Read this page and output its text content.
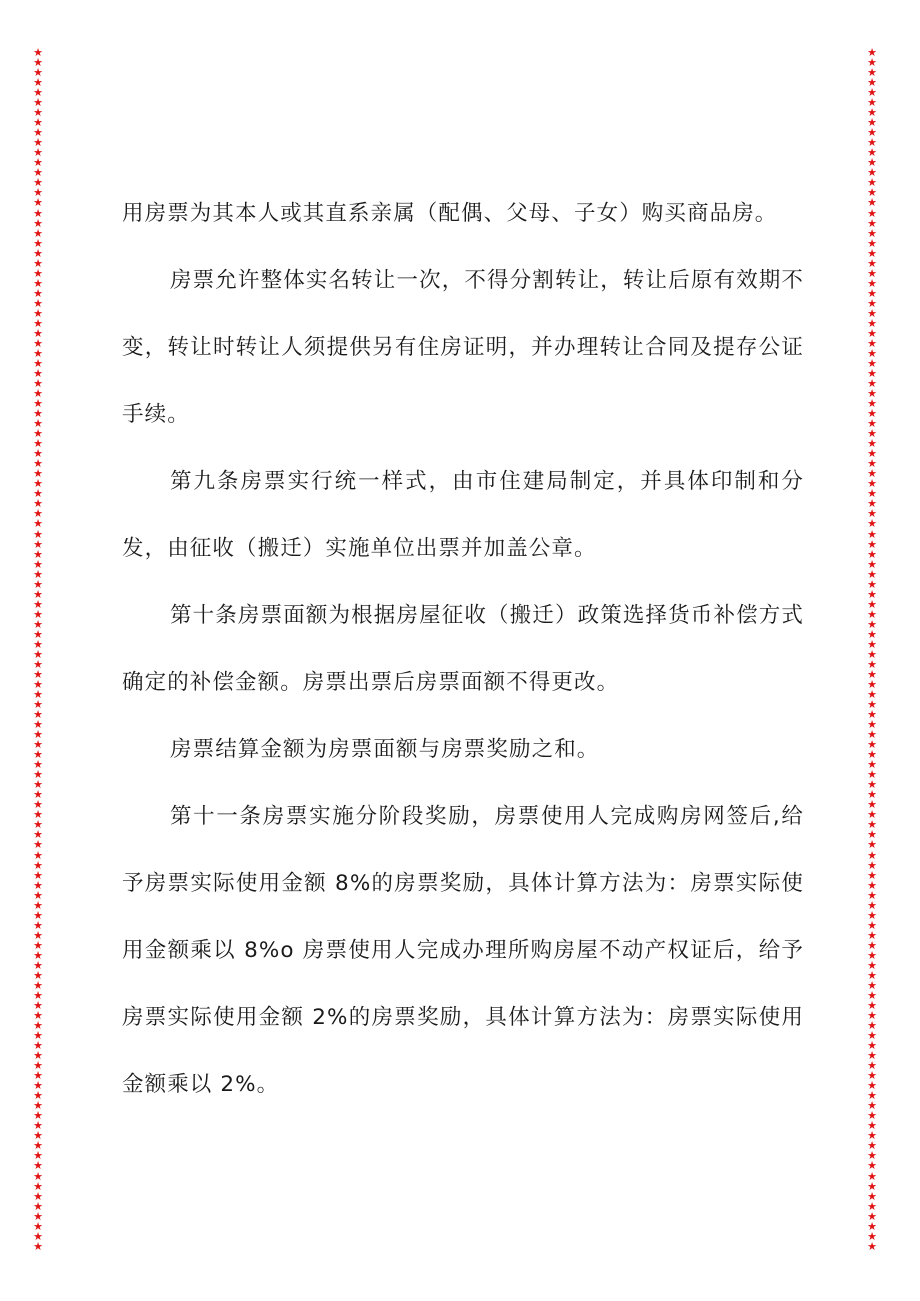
★
★
★
★
★
★
★
★
★
★
★
★
★
★
★
★
★
★
★
★
★
★
★
★
★
★
★
★
★
★
★
★
★
★
★
★
★
★
★
★
★
★
★
★
★
★
★
★
★
★
★
★
★
★
★
★
★
★
★
★
★
★
★
★
★
★
★
★
★
★
★
★
★
★
★
★
★
★
★
★
★
★
★
★
★
★
★
★
★
★
★
★
★
★
★
★
★
★
★
★
★
★
★
★
★
★
★
★
★
★
★
★
★
★
★
★
★
★
★
★
★
★
★
★
★
★
★
★
★
★
★
★
★
★
★
★
★
★
★
★
★
★
★
★
★
★
★
★
★
★
★
★
★
★
★
★
★
★
★
★
★
★
★
★
★
★
★
★
★
★
★
★
★
★
★
★
★
★
★
★
★
★
★
★
★
★
★
★
★
★
★
★
★
★
★
★
★
★
★
★
★
★
★
★
★
★
★
★
★
★
★
★
★
★
★
★
★
★
★
★
★
★
★
★
★
★
★
★
★
★
★
★
★
★
★
★
★
★
★
★

用房票为其本人或其直系亲属（配偶、父母、子女）购买商品房。

房票允许整体实名转让一次，不得分割转让，转让后原有效期不变，转让时转让人须提供另有住房证明，并办理转让合同及提存公证手续。

第九条房票实行统一样式，由市住建局制定，并具体印制和分发，由征收（搬迁）实施单位出票并加盖公章。

第十条房票面额为根据房屋征收（搬迁）政策选择货币补偿方式确定的补偿金额。房票出票后房票面额不得更改。

房票结算金额为房票面额与房票奖励之和。

第十一条房票实施分阶段奖励，房票使用人完成购房网签后,给予房票实际使用金额 8%的房票奖励，具体计算方法为：房票实际使用金额乘以 8%o 房票使用人完成办理所购房屋不动产权证后，给予房票实际使用金额 2%的房票奖励，具体计算方法为：房票实际使用金额乘以 2%。
